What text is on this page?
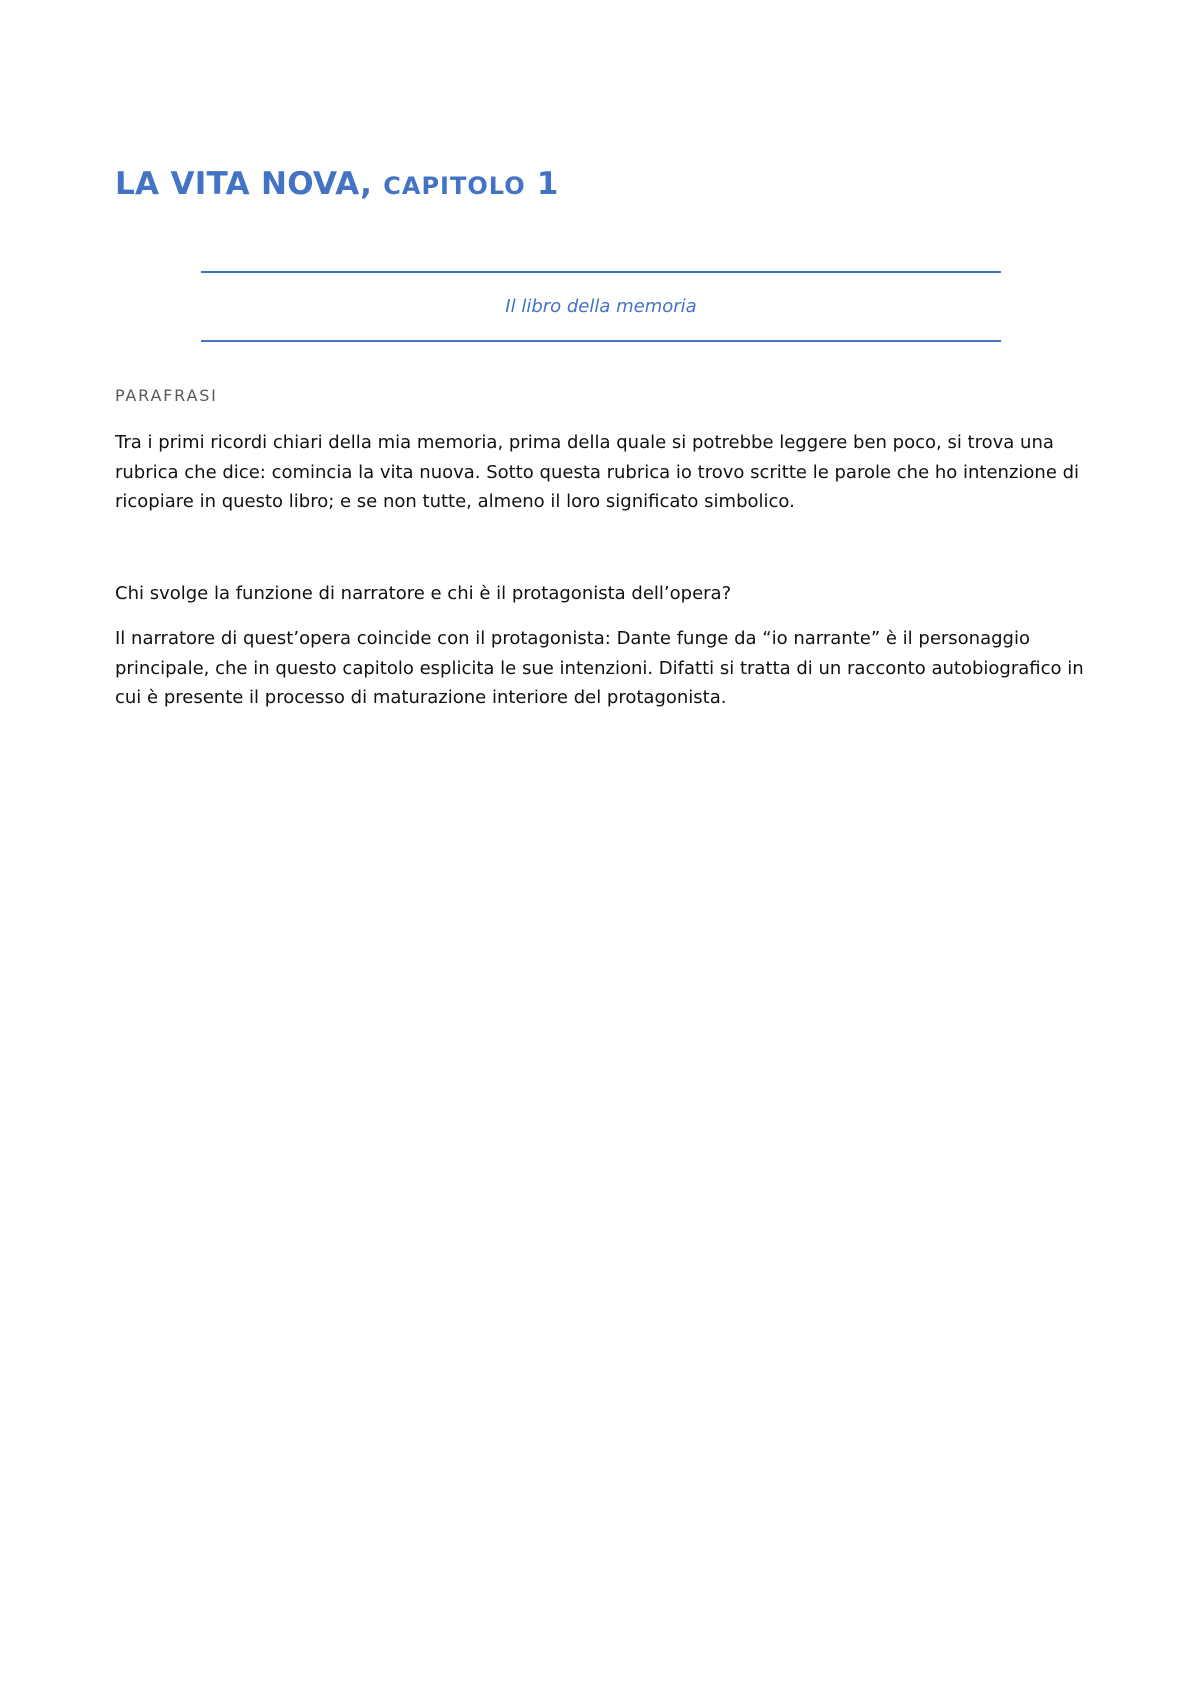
LA VITA NOVA, CAPITOLO 1

Il libro della memoria

PARAFRASI

Tra i primi ricordi chiari della mia memoria, prima della quale si potrebbe leggere ben poco, si trova una rubrica che dice: comincia la vita nuova. Sotto questa rubrica io trovo scritte le parole che ho intenzione di ricopiare in questo libro; e se non tutte, almeno il loro significato simbolico.

Chi svolge la funzione di narratore e chi è il protagonista dell’opera?

Il narratore di quest’opera coincide con il protagonista: Dante funge da “io narrante” è il personaggio principale, che in questo capitolo esplicita le sue intenzioni. Difatti si tratta di un racconto autobiografico in cui è presente il processo di maturazione interiore del protagonista.
